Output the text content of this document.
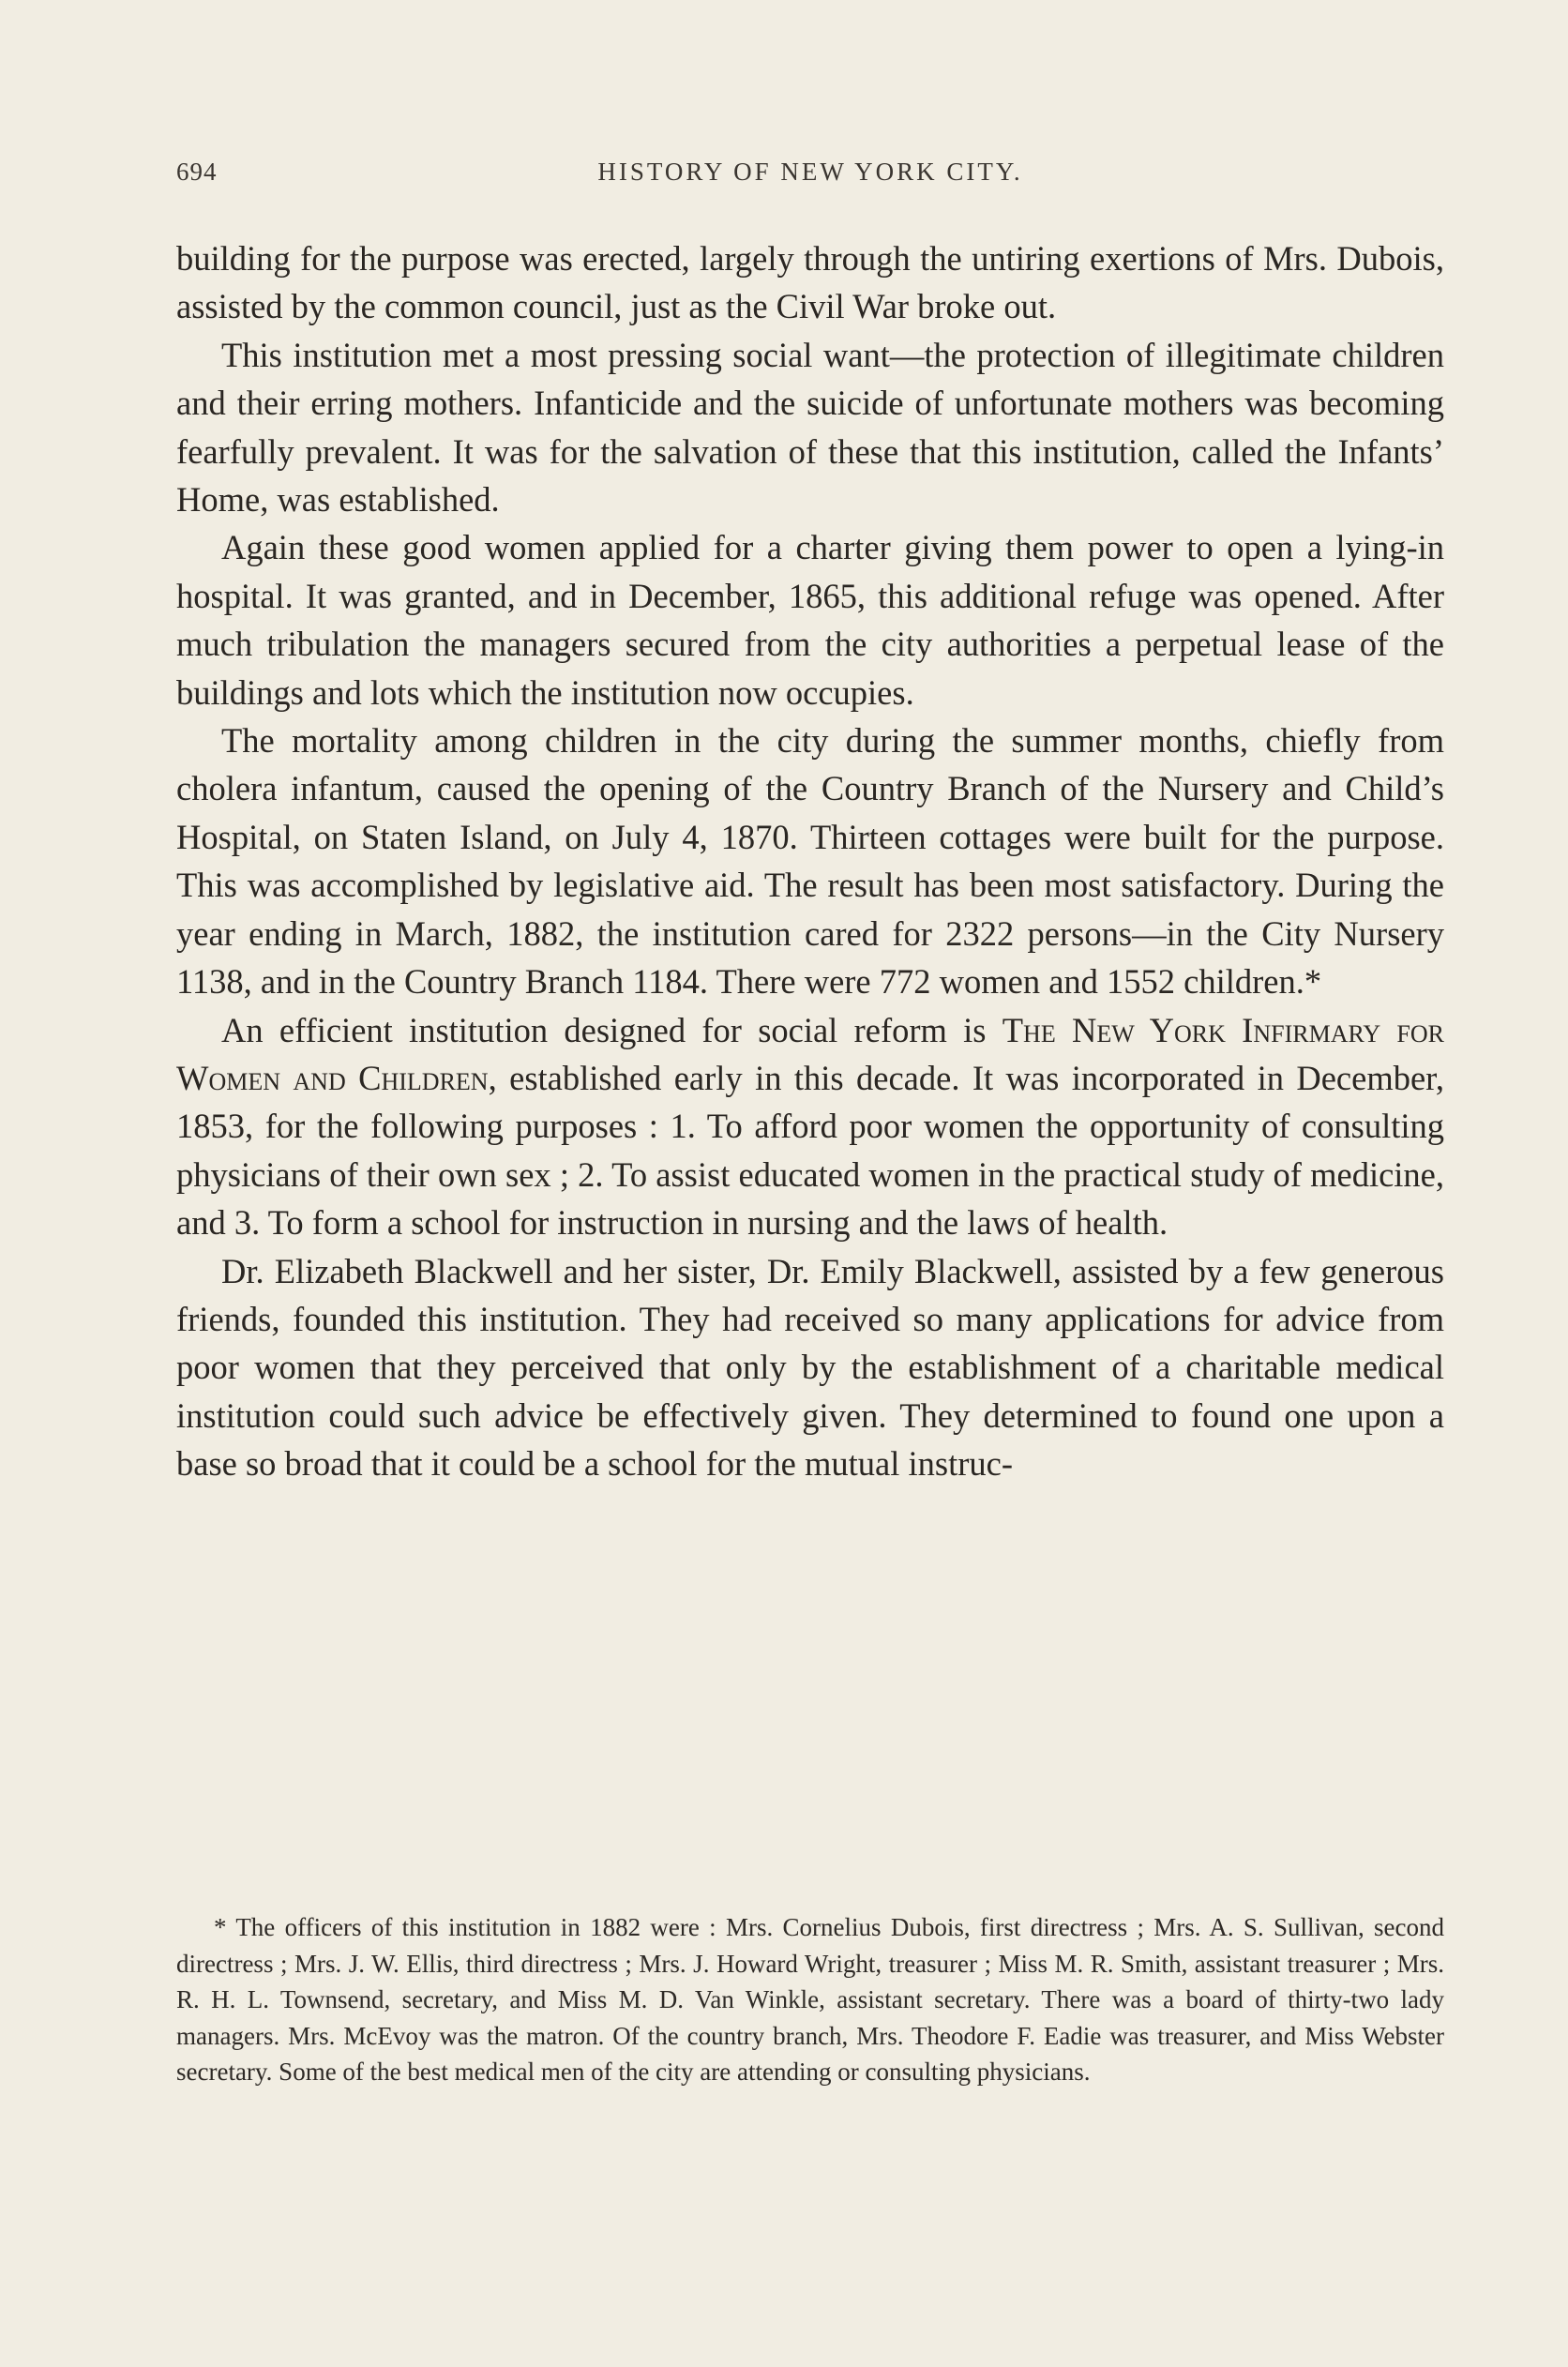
694	HISTORY OF NEW YORK CITY.

building for the purpose was erected, largely through the untiring exertions of Mrs. Dubois, assisted by the common council, just as the Civil War broke out.

This institution met a most pressing social want—the protection of illegitimate children and their erring mothers. Infanticide and the suicide of unfortunate mothers was becoming fearfully prevalent. It was for the salvation of these that this institution, called the Infants’ Home, was established.

Again these good women applied for a charter giving them power to open a lying-in hospital. It was granted, and in December, 1865, this additional refuge was opened. After much tribulation the managers secured from the city authorities a perpetual lease of the buildings and lots which the institution now occupies.

The mortality among children in the city during the summer months, chiefly from cholera infantum, caused the opening of the Country Branch of the Nursery and Child’s Hospital, on Staten Island, on July 4, 1870. Thirteen cottages were built for the purpose. This was accomplished by legislative aid. The result has been most satisfactory. During the year ending in March, 1882, the institution cared for 2322 persons—in the City Nursery 1138, and in the Country Branch 1184. There were 772 women and 1552 children.*

An efficient institution designed for social reform is The New York Infirmary for Women and Children, established early in this decade. It was incorporated in December, 1853, for the following purposes : 1. To afford poor women the opportunity of consulting physicians of their own sex ; 2. To assist educated women in the practical study of medicine, and 3. To form a school for instruction in nursing and the laws of health.

Dr. Elizabeth Blackwell and her sister, Dr. Emily Blackwell, assisted by a few generous friends, founded this institution. They had received so many applications for advice from poor women that they perceived that only by the establishment of a charitable medical institution could such advice be effectively given. They determined to found one upon a base so broad that it could be a school for the mutual instruc-

* The officers of this institution in 1882 were : Mrs. Cornelius Dubois, first directress ; Mrs. A. S. Sullivan, second directress ; Mrs. J. W. Ellis, third directress ; Mrs. J. Howard Wright, treasurer ; Miss M. R. Smith, assistant treasurer ; Mrs. R. H. L. Townsend, secretary, and Miss M. D. Van Winkle, assistant secretary. There was a board of thirty-two lady managers. Mrs. McEvoy was the matron. Of the country branch, Mrs. Theodore F. Eadie was treasurer, and Miss Webster secretary. Some of the best medical men of the city are attending or consulting physicians.
